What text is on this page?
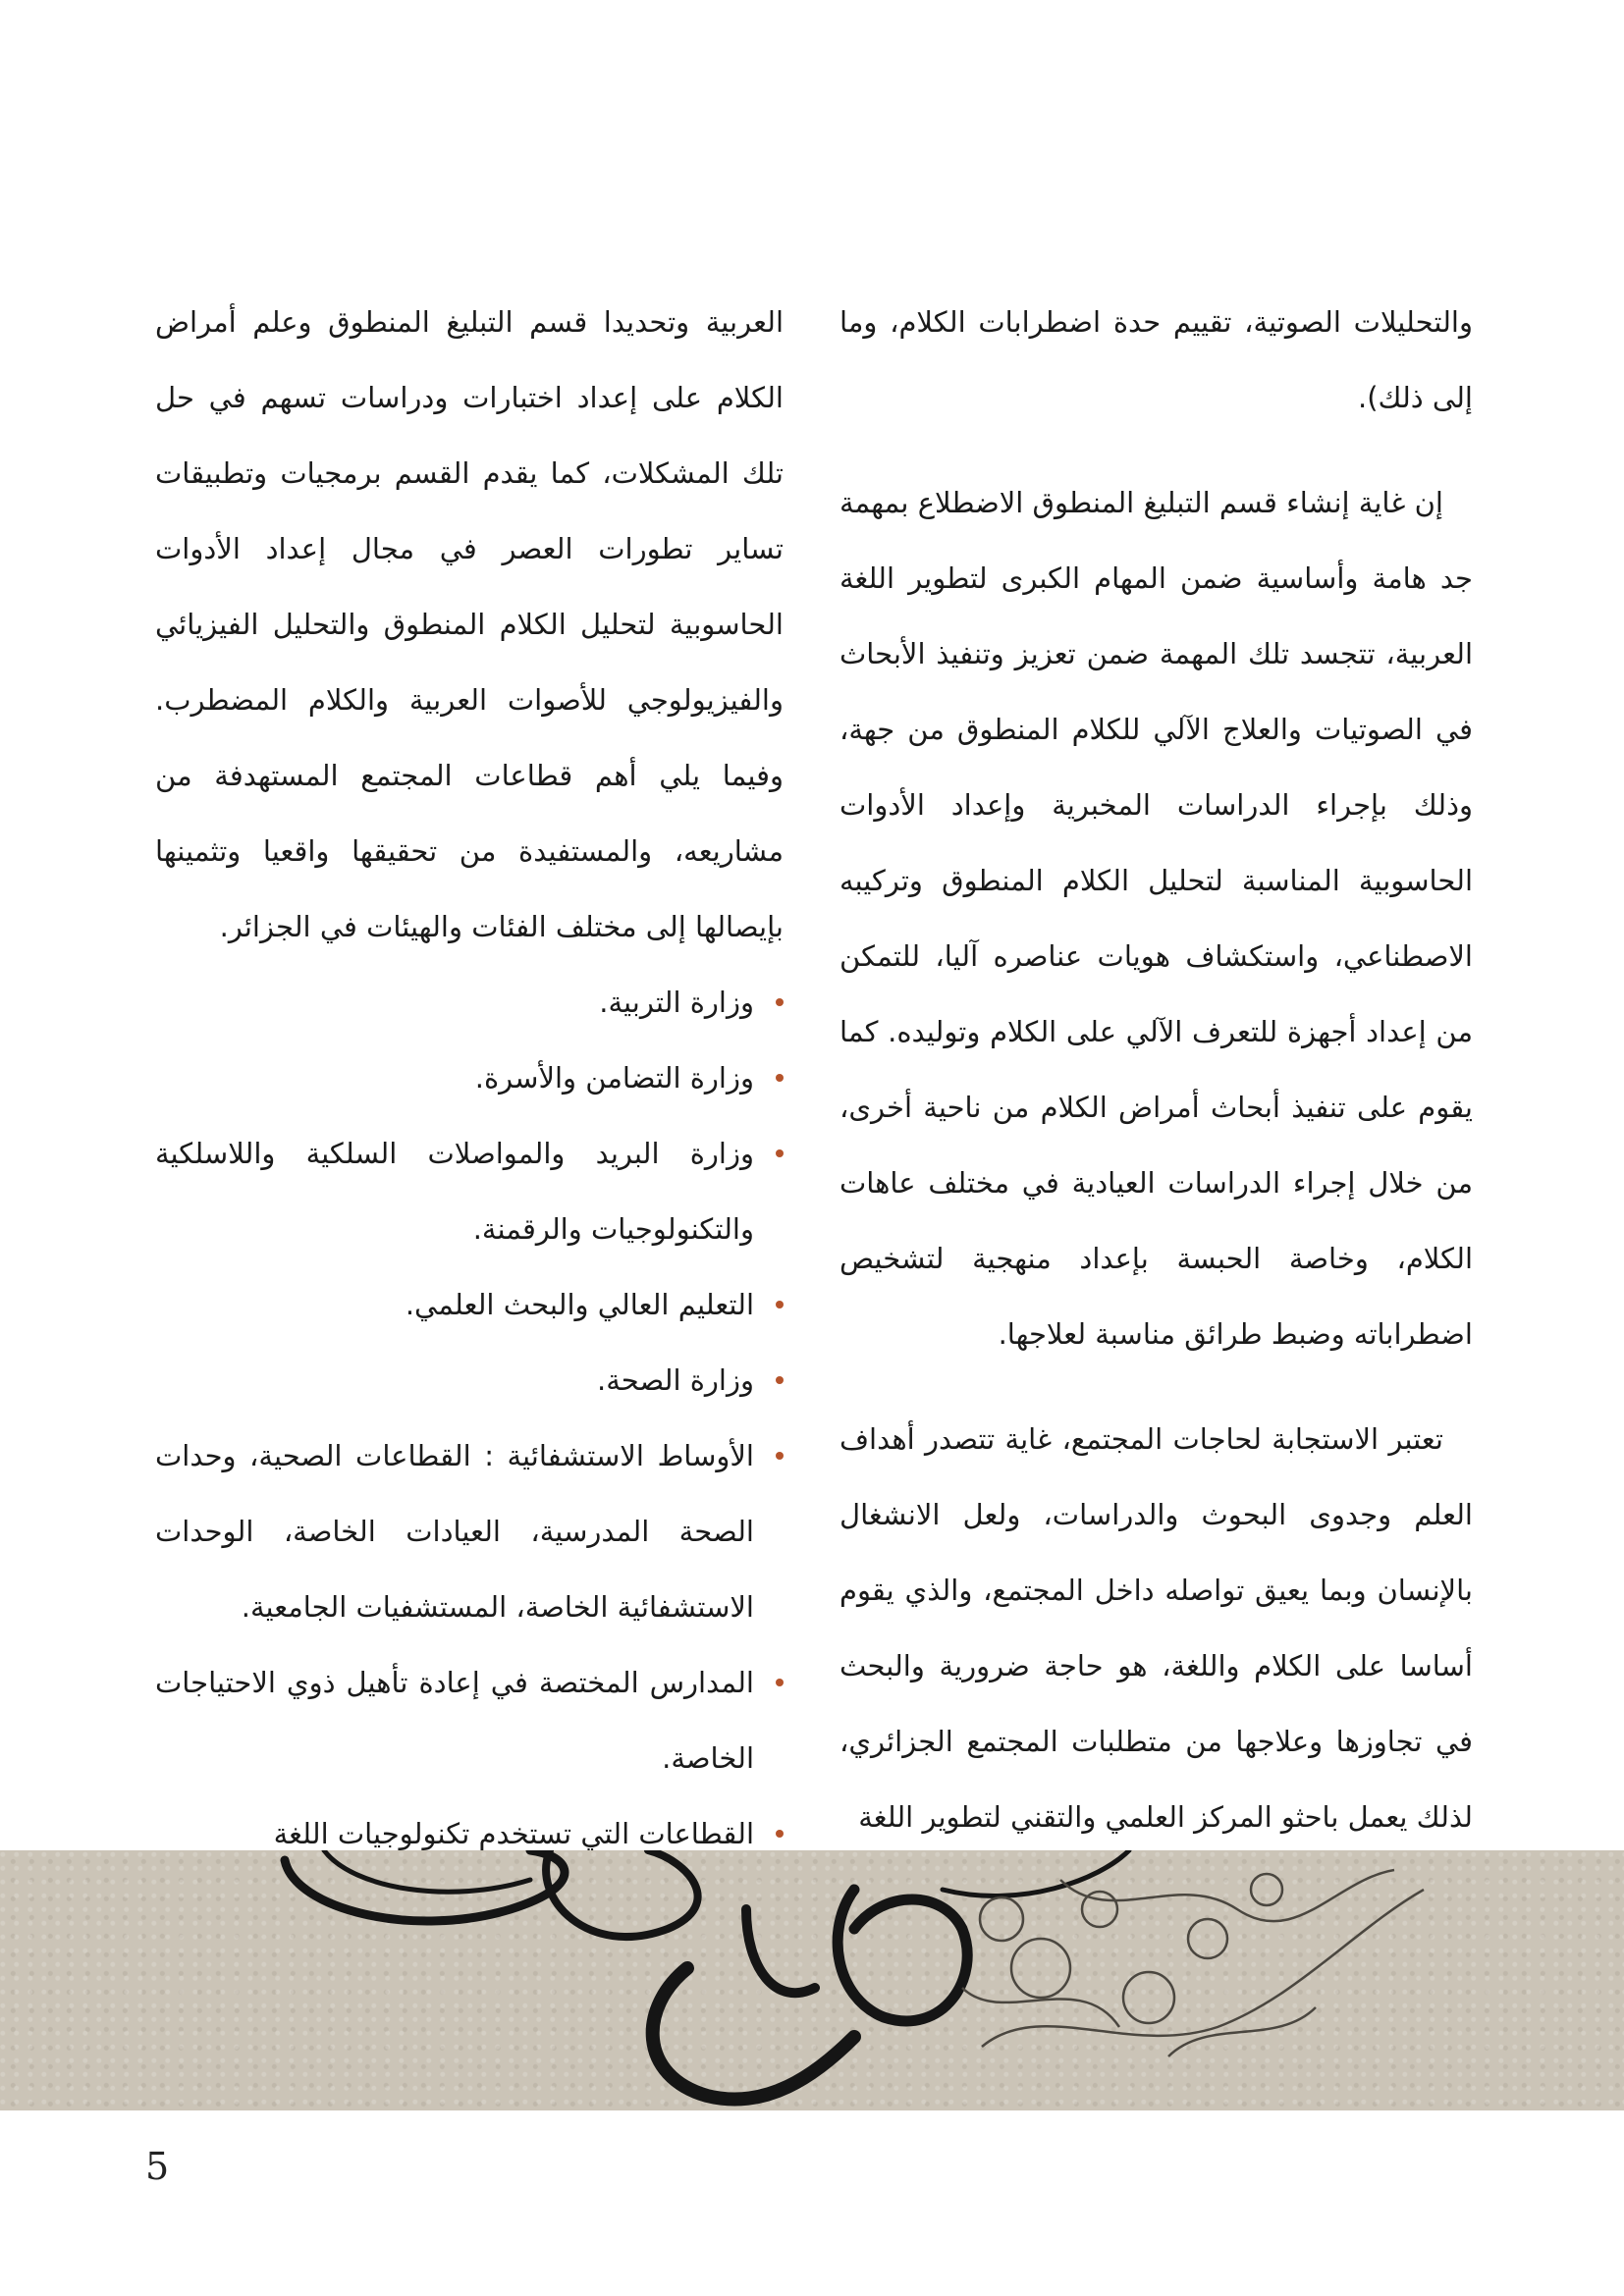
والتحليلات الصوتية، تقييم حدة اضطرابات الكلام، وما إلى ذلك).

إن غاية إنشاء قسم التبليغ المنطوق الاضطلاع بمهمة جد هامة وأساسية ضمن المهام الكبرى لتطوير اللغة العربية، تتجسد تلك المهمة ضمن تعزيز وتنفيذ الأبحاث في الصوتيات والعلاج الآلي للكلام المنطوق من جهة، وذلك بإجراء الدراسات المخبرية وإعداد الأدوات الحاسوبية المناسبة لتحليل الكلام المنطوق وتركيبه الاصطناعي، واستكشاف هويات عناصره آليا، للتمكن من إعداد أجهزة للتعرف الآلي على الكلام وتوليده. كما يقوم على تنفيذ أبحاث أمراض الكلام من ناحية أخرى، من خلال إجراء الدراسات العيادية في مختلف عاهات الكلام، وخاصة الحبسة بإعداد منهجية لتشخيص اضطراباته وضبط طرائق مناسبة لعلاجها.

تعتبر الاستجابة لحاجات المجتمع، غاية تتصدر أهداف العلم وجدوى البحوث والدراسات، ولعل الانشغال بالإنسان وبما يعيق تواصله داخل المجتمع، والذي يقوم أساسا على الكلام واللغة، هو حاجة ضرورية والبحث في تجاوزها وعلاجها من متطلبات المجتمع الجزائري، لذلك يعمل باحثو المركز العلمي والتقني لتطوير اللغة

العربية وتحديدا قسم التبليغ المنطوق وعلم أمراض الكلام على إعداد اختبارات ودراسات تسهم في حل تلك المشكلات، كما يقدم القسم برمجيات وتطبيقات تساير تطورات العصر في مجال إعداد الأدوات الحاسوبية لتحليل الكلام المنطوق والتحليل الفيزيائي والفيزيولوجي للأصوات العربية والكلام المضطرب. وفيما يلي أهم قطاعات المجتمع المستهدفة من مشاريعه، والمستفيدة من تحقيقها واقعيا وتثمينها بإيصالها إلى مختلف الفئات والهيئات في الجزائر.

وزارة التربية.
وزارة التضامن والأسرة.
وزارة البريد والمواصلات السلكية واللاسلكية والتكنولوجيات والرقمنة.
التعليم العالي والبحث العلمي.
وزارة الصحة.
الأوساط الاستشفائية : القطاعات الصحية، وحدات الصحة المدرسية، العيادات الخاصة، الوحدات الاستشفائية الخاصة، المستشفيات الجامعية.
المدارس المختصة في إعادة تأهيل ذوي الاحتياجات الخاصة.
القطاعات التي تستخدم تكنولوجيات اللغة
5
